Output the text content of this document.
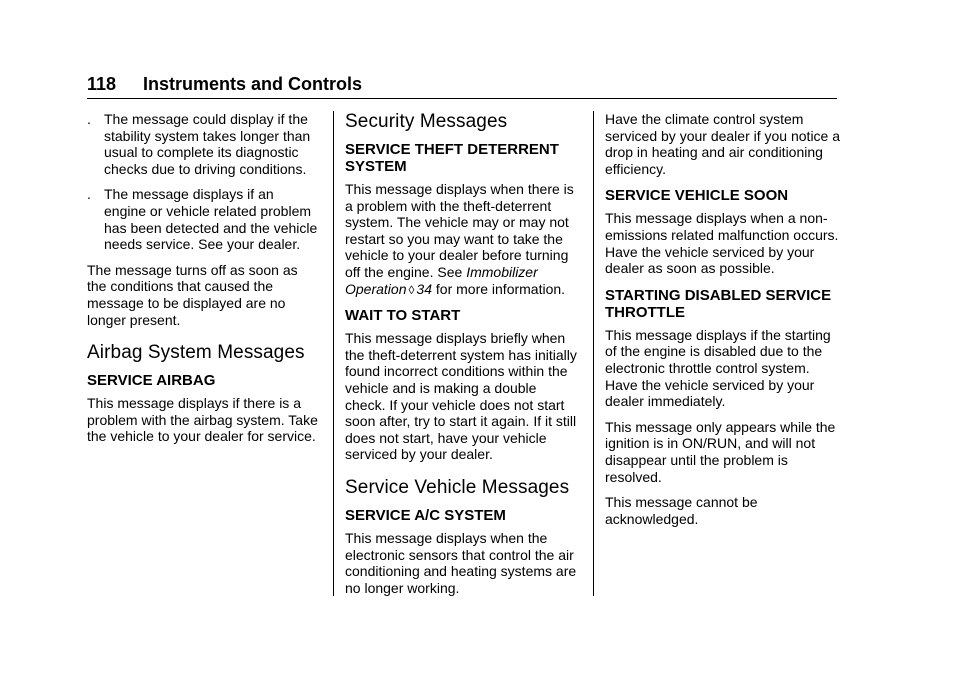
118 Instruments and Controls
. The message could display if the stability system takes longer than usual to complete its diagnostic checks due to driving conditions.
. The message displays if an engine or vehicle related problem has been detected and the vehicle needs service. See your dealer.

The message turns off as soon as the conditions that caused the message to be displayed are no longer present.

Airbag System Messages
SERVICE AIRBAG

This message displays if there is a problem with the airbag system. Take the vehicle to your dealer for service.

Security Messages
SERVICE THEFT DETERRENT SYSTEM

This message displays when there is a problem with the theft-deterrent system. The vehicle may or may not restart so you may want to take the vehicle to your dealer before turning off the engine. See Immobilizer Operation ◊ 34 for more information.

WAIT TO START

This message displays briefly when the theft-deterrent system has initially found incorrect conditions within the vehicle and is making a double check. If your vehicle does not start soon after, try to start it again. If it still does not start, have your vehicle serviced by your dealer.

Service Vehicle Messages
SERVICE A/C SYSTEM

This message displays when the electronic sensors that control the air conditioning and heating systems are no longer working.

Have the climate control system serviced by your dealer if you notice a drop in heating and air conditioning efficiency.

SERVICE VEHICLE SOON

This message displays when a non-emissions related malfunction occurs. Have the vehicle serviced by your dealer as soon as possible.

STARTING DISABLED SERVICE THROTTLE

This message displays if the starting of the engine is disabled due to the electronic throttle control system. Have the vehicle serviced by your dealer immediately.

This message only appears while the ignition is in ON/RUN, and will not disappear until the problem is resolved.

This message cannot be acknowledged.
